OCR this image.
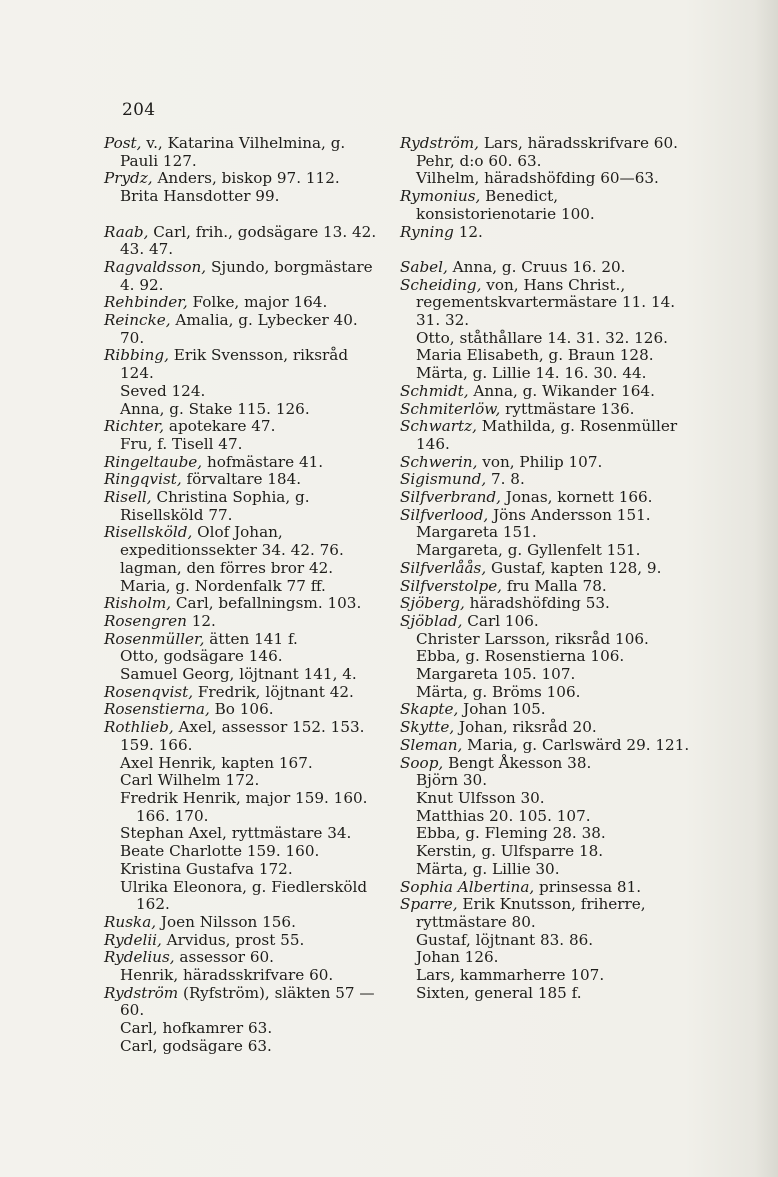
204

Post, v., Katarina Vilhelmina, g. Pauli 127.

Prydz, Anders, biskop 97. 112.

Brita Hansdotter 99.

Raab, Carl, frih., godsägare 13. 42. 43. 47.

Ragvaldsson, Sjundo, borgmästare 4. 92.

Rehbinder, Folke, major 164.

Reincke, Amalia, g. Lybecker 40. 70.

Ribbing, Erik Svensson, riksråd 124.

Seved 124.

Anna, g. Stake 115. 126.

Richter, apotekare 47.

Fru, f. Tisell 47.

Ringeltaube, hofmästare 41.

Ringqvist, förvaltare 184.

Risell, Christina Sophia, g. Risellsköld 77.

Risellsköld, Olof Johan, expeditionssekter 34. 42. 76.

lagman, den förres bror 42.

Maria, g. Nordenfalk 77 ff.

Risholm, Carl, befallningsm. 103.

Rosengren 12.

Rosenmüller, ätten 141 f.

Otto, godsägare 146.

Samuel Georg, löjtnant 141, 4.

Rosenqvist, Fredrik, löjtnant 42.

Rosenstierna, Bo 106.

Rothlieb, Axel, assessor 152. 153. 159. 166.

Axel Henrik, kapten 167.

Carl Wilhelm 172.

Fredrik Henrik, major 159. 160. 166. 170.

Stephan Axel, ryttmästare 34.

Beate Charlotte 159. 160.

Kristina Gustafva 172.

Ulrika Eleonora, g. Fiedlersköld 162.

Ruska, Joen Nilsson 156.

Rydelii, Arvidus, prost 55.

Rydelius, assessor 60.

Henrik, häradsskrifvare 60.

Rydström (Ryfström), släkten 57 —60.

Carl, hofkamrer 63.

Carl, godsägare 63.

Rydström, Lars, häradsskrifvare 60.

Pehr, d:o 60. 63.

Vilhelm, häradshöfding 60—63.

Rymonius, Benedict, konsistorienotarie 100.

Ryning 12.

Sabel, Anna, g. Cruus 16. 20.

Scheiding, von, Hans Christ., regementskvartermästare 11. 14. 31. 32.

Otto, ståthållare 14. 31. 32. 126.

Maria Elisabeth, g. Braun 128.

Märta, g. Lillie 14. 16. 30. 44.

Schmidt, Anna, g. Wikander 164.

Schmiterlöw, ryttmästare 136.

Schwartz, Mathilda, g. Rosenmüller 146.

Schwerin, von, Philip 107.

Sigismund, 7. 8.

Silfverbrand, Jonas, kornett 166.

Silfverlood, Jöns Andersson 151.

Margareta 151.

Margareta, g. Gyllenfelt 151.

Silfverlåås, Gustaf, kapten 128, 9.

Silfverstolpe, fru Malla 78.

Sjöberg, häradshöfding 53.

Sjöblad, Carl 106.

Christer Larsson, riksråd 106.

Ebba, g. Rosenstierna 106.

Margareta 105. 107.

Märta, g. Bröms 106.

Skapte, Johan 105.

Skytte, Johan, riksråd 20.

Sleman, Maria, g. Carlswärd 29. 121.

Soop, Bengt Åkesson 38.

Björn 30.

Knut Ulfsson 30.

Matthias 20. 105. 107.

Ebba, g. Fleming 28. 38.

Kerstin, g. Ulfsparre 18.

Märta, g. Lillie 30.

Sophia Albertina, prinsessa 81.

Sparre, Erik Knutsson, friherre, ryttmästare 80.

Gustaf, löjtnant 83. 86.

Johan 126.

Lars, kammarherre 107.

Sixten, general 185 f.
